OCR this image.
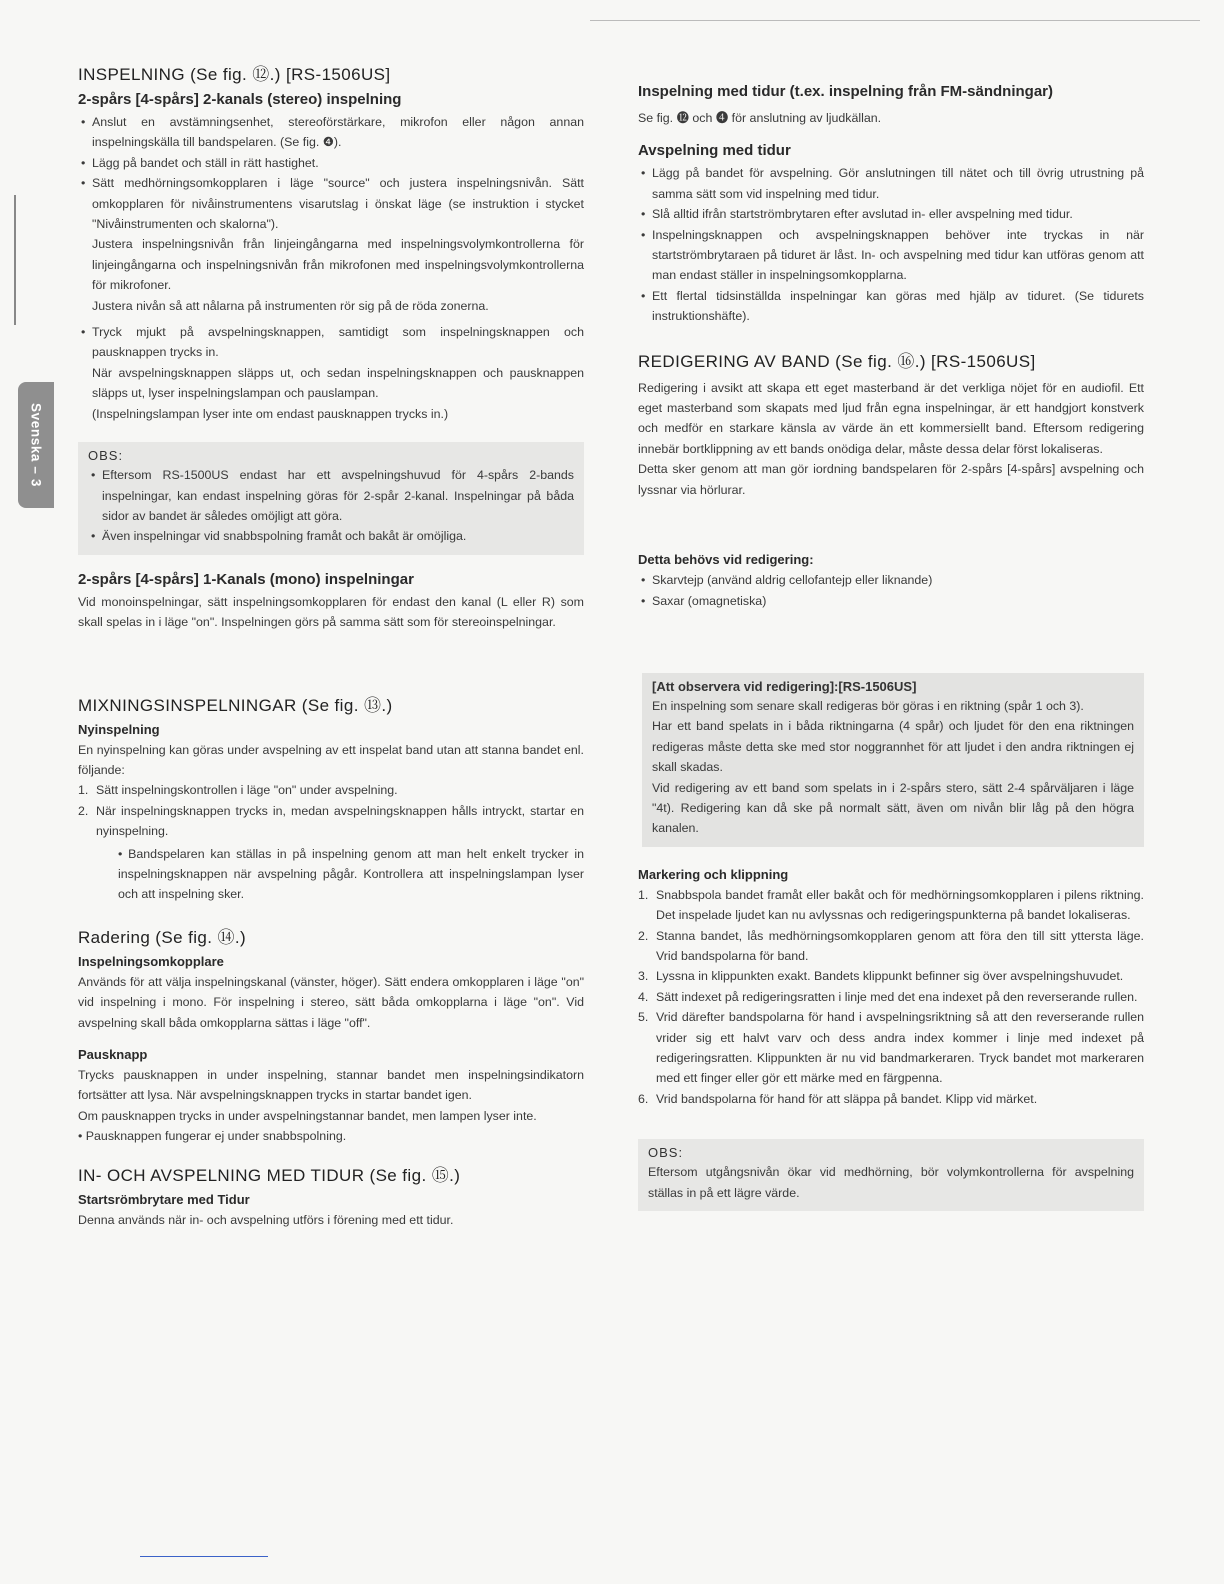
Svenska – 3
INSPELNING (Se fig. ⑫.) [RS-1506US]
2-spårs [4-spårs] 2-kanals (stereo) inspelning
• Anslut en avstämningsenhet, stereoförstärkare, mikrofon eller någon annan inspelningskälla till bandspelaren. (Se fig. ❹).
• Lägg på bandet och ställ in rätt hastighet.

• Sätt medhörningsomkopplaren i läge "source" och justera inspelningsnivån. Sätt omkopplaren för nivåinstrumentens visarutslag i önskat läge (se instruktion i stycket "Nivåinstrumenten och skalorna").

Justera inspelningsnivån från linjeingångarna med inspelningsvolymkontrollerna för linjeingångarna och inspelningsnivån från mikrofonen med inspelningsvolymkontrollerna för mikrofoner.

Justera nivån så att nålarna på instrumenten rör sig på de röda zonerna.

• Tryck mjukt på avspelningsknappen, samtidigt som inspelningsknappen och pausknappen trycks in.

När avspelningsknappen släpps ut, och sedan inspelningsknappen och pausknappen släpps ut, lyser inspelningslampan och pauslampan.

(Inspelningslampan lyser inte om endast pausknappen trycks in.)

OBS:
• Eftersom RS-1500US endast har ett avspelningshuvud för 4-spårs 2-bands inspelningar, kan endast inspelning göras för 2-spår 2-kanal. Inspelningar på båda sidor av bandet är således omöjligt att göra.
• Även inspelningar vid snabbspolning framåt och bakåt är omöjliga.
2-spårs [4-spårs] 1-Kanals (mono) inspelningar

Vid monoinspelningar, sätt inspelningsomkopplaren för endast den kanal (L eller R) som skall spelas in i läge "on". Inspelningen görs på samma sätt som för stereoinspelningar.

MIXNINGSINSPELNINGAR (Se fig. ⑬.)
Nyinspelning

En nyinspelning kan göras under avspelning av ett inspelat band utan att stanna bandet enl. följande:

1. Sätt inspelningskontrollen i läge "on" under avspelning.
2. När inspelningsknappen trycks in, medan avspelningsknappen hålls intryckt, startar en nyinspelning.

• Bandspelaren kan ställas in på inspelning genom att man helt enkelt trycker in inspelningsknappen när avspelning pågår. Kontrollera att inspelningslampan lyser och att inspelning sker.

Radering (Se fig. ⑭.)
Inspelningsomkopplare

Används för att välja inspelningskanal (vänster, höger). Sätt endera omkopplaren i läge "on" vid inspelning i mono. För inspelning i stereo, sätt båda omkopplarna i läge "on". Vid avspelning skall båda omkopplarna sättas i läge "off".

Pausknapp

Trycks pausknappen in under inspelning, stannar bandet men inspelningsindikatorn fortsätter att lysa. När avspelningsknappen trycks in startar bandet igen.

Om pausknappen trycks in under avspelningstannar bandet, men lampen lyser inte.

• Pausknappen fungerar ej under snabbspolning.

IN- OCH AVSPELNING MED TIDUR (Se fig. ⑮.)
Startsrömbrytare med Tidur

Denna används när in- och avspelning utförs i förening med ett tidur.

Inspelning med tidur (t.ex. inspelning från FM-sändningar)

Se fig. ⓬ och ❹ för anslutning av ljudkällan.

Avspelning med tidur
• Lägg på bandet för avspelning. Gör anslutningen till nätet och till övrig utrustning på samma sätt som vid inspelning med tidur.
• Slå alltid ifrån startströmbrytaren efter avslutad in- eller avspelning med tidur.
• Inspelningsknappen och avspelningsknappen behöver inte tryckas in när startströmbrytaraen på tiduret är låst. In- och avspelning med tidur kan utföras genom att man endast ställer in inspelningsomkopplarna.
• Ett flertal tidsinställda inspelningar kan göras med hjälp av tiduret. (Se tidurets instruktionshäfte).
REDIGERING AV BAND (Se fig. ⑯.) [RS-1506US]

Redigering i avsikt att skapa ett eget masterband är det verkliga nöjet för en audiofil. Ett eget masterband som skapats med ljud från egna inspelningar, är ett handgjort konstverk och medför en starkare känsla av värde än ett kommersiellt band. Eftersom redigering innebär bortklippning av ett bands onödiga delar, måste dessa delar först lokaliseras.

Detta sker genom att man gör iordning bandspelaren för 2-spårs [4-spårs] avspelning och lyssnar via hörlurar.

Detta behövs vid redigering:
• Skarvtejp (använd aldrig cellofantejp eller liknande)
• Saxar (omagnetiska)
[Att observera vid redigering]:[RS-1506US]

En inspelning som senare skall redigeras bör göras i en riktning (spår 1 och 3).

Har ett band spelats in i båda riktningarna (4 spår) och ljudet för den ena riktningen redigeras måste detta ske med stor noggrannhet för att ljudet i den andra riktningen ej skall skadas.

Vid redigering av ett band som spelats in i 2-spårs stero, sätt 2-4 spårväljaren i läge "4t). Redigering kan då ske på normalt sätt, även om nivån blir låg på den högra kanalen.

Markering och klippning
1. Snabbspola bandet framåt eller bakåt och för medhörningsomkopplaren i pilens riktning. Det inspelade ljudet kan nu avlyssnas och redigeringspunkterna på bandet lokaliseras.
2. Stanna bandet, lås medhörningsomkopplaren genom att föra den till sitt yttersta läge. Vrid bandspolarna för band.
3. Lyssna in klippunkten exakt. Bandets klippunkt befinner sig över avspelningshuvudet.
4. Sätt indexet på redigeringsratten i linje med det ena indexet på den reverserande rullen.
5. Vrid därefter bandspolarna för hand i avspelningsriktning så att den reverserande rullen vrider sig ett halvt varv och dess andra index kommer i linje med indexet på redigeringsratten. Klippunkten är nu vid bandmarkeraren. Tryck bandet mot markeraren med ett finger eller gör ett märke med en färgpenna.
6. Vrid bandspolarna för hand för att släppa på bandet. Klipp vid märket.
OBS:

Eftersom utgångsnivån ökar vid medhörning, bör volymkontrollerna för avspelning ställas in på ett lägre värde.
